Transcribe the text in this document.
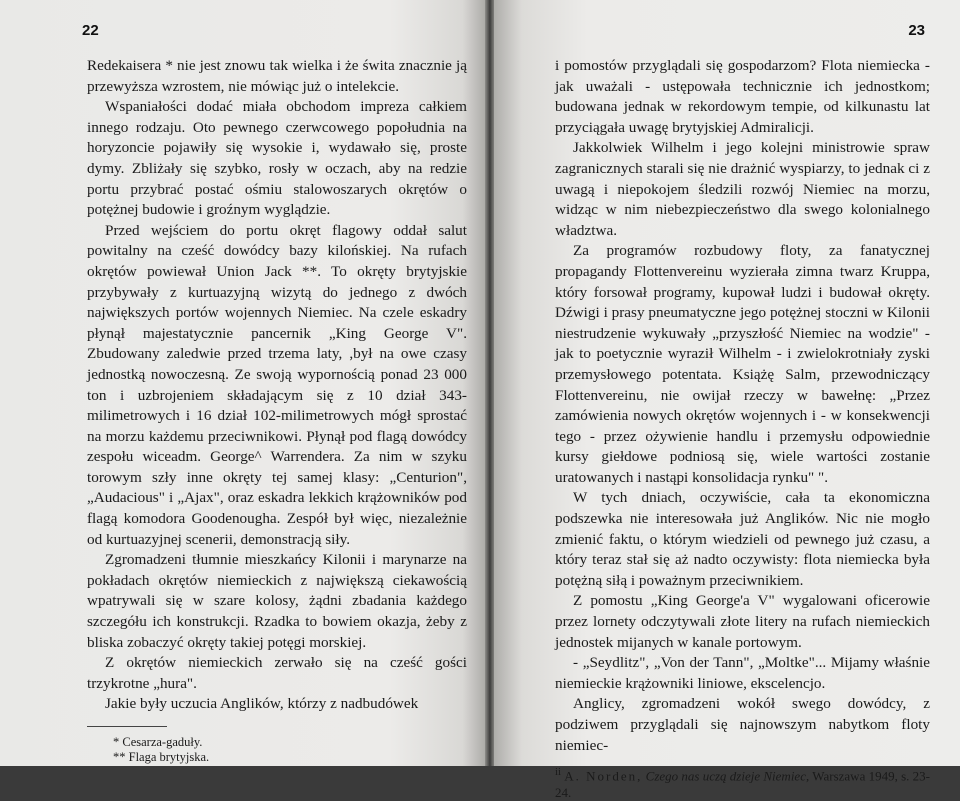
22

Redekaisera * nie jest znowu tak wielka i że świta znacznie ją przewyższa wzrostem, nie mówiąc już o intelekcie.

Wspaniałości dodać miała obchodom impreza całkiem innego rodzaju. Oto pewnego czerwcowego popołudnia na horyzoncie pojawiły się wysokie i, wydawało się, proste dymy. Zbliżały się szybko, rosły w oczach, aby na redzie portu przybrać postać ośmiu stalowoszarych okrętów o potężnej budowie i groźnym wyglądzie.

Przed wejściem do portu okręt flagowy oddał salut powitalny na cześć dowódcy bazy kilońskiej. Na rufach okrętów powiewał Union Jack **. To okręty brytyjskie przybywały z kurtuazyjną wizytą do jednego z dwóch największych portów wojennych Niemiec. Na czele eskadry płynął majestatycznie pancernik „King George V". Zbudowany zaledwie przed trzema laty, ,był na owe czasy jednostką nowoczesną. Ze swoją wypornością ponad 23 000 ton i uzbrojeniem składającym się z 10 dział 343-milimetrowych i 16 dział 102-milimetrowych mógł sprostać na morzu każdemu przeciwnikowi. Płynął pod flagą dowódcy zespołu wiceadm. George^ Warrendera. Za nim w szyku torowym szły inne okręty tej samej klasy: „Centurion", „Audacious" i „Ajax", oraz eskadra lekkich krążowników pod flagą komodora Goodenougha. Zespół był więc, niezależnie od kurtuazyjnej scenerii, demonstracją siły.

Zgromadzeni tłumnie mieszkańcy Kilonii i marynarze na pokładach okrętów niemieckich z największą ciekawością wpatrywali się w szare kolosy, żądni zbadania każdego szczegółu ich konstrukcji. Rzadka to bowiem okazja, żeby z bliska zobaczyć okręty takiej potęgi morskiej.

Z okrętów niemieckich zerwało się na cześć gości trzykrotne „hura".

Jakie były uczucia Anglików, którzy z nadbudówek

* Cesarza-gaduły.

** Flaga brytyjska.

23

i pomostów przyglądali się gospodarzom? Flota niemiecka - jak uważali - ustępowała technicznie ich jednostkom; budowana jednak w rekordowym tempie, od kilkunastu lat przyciągała uwagę brytyjskiej Admiralicji.

Jakkolwiek Wilhelm i jego kolejni ministrowie spraw zagranicznych starali się nie drażnić wyspiarzy, to jednak ci z uwagą i niepokojem śledzili rozwój Niemiec na morzu, widząc w nim niebezpieczeństwo dla swego kolonialnego władztwa.

Za programów rozbudowy floty, za fanatycznej propagandy Flottenvereinu wyzierała zimna twarz Kruppa, który forsował programy, kupował ludzi i budował okręty. Dźwigi i prasy pneumatyczne jego potężnej stoczni w Kilonii niestrudzenie wykuwały „przyszłość Niemiec na wodzie" - jak to poetycznie wyraził Wilhelm - i zwielokrotniały zyski przemysłowego potentata. Książę Salm, przewodniczący Flottenvereinu, nie owijał rzeczy w bawełnę: „Przez zamówienia nowych okrętów wojennych i - w konsekwencji tego - przez ożywienie handlu i przemysłu odpowiednie kursy giełdowe podniosą się, wiele wartości zostanie uratowanych i nastąpi konsolidacja rynku" ".

W tych dniach, oczywiście, cała ta ekonomiczna podszewka nie interesowała już Anglików. Nic nie mogło zmienić faktu, o którym wiedzieli od pewnego już czasu, a który teraz stał się aż nadto oczywisty: flota niemiecka była potężną siłą i poważnym przeciwnikiem.

Z pomostu „King George'a V" wygalowani oficerowie przez lornety odczytywali złote litery na rufach niemieckich jednostek mijanych w kanale portowym.

- „Seydlitz", „Von der Tann", „Moltke"... Mijamy właśnie niemieckie krążowniki liniowe, ekscelencjo.

Anglicy, zgromadzeni wokół swego dowódcy, z podziwem przyglądali się najnowszym nabytkom floty niemiec-

$^{ii}$ A. Norden, Czego nas uczą dzieje Niemiec, Warszawa 1949, s. 23-24.
